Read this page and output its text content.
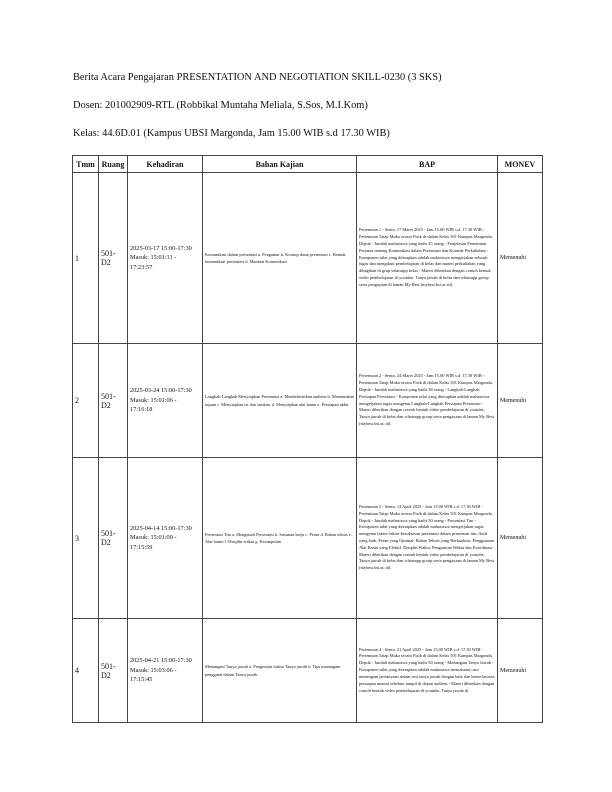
Berita Acara Pengajaran PRESENTATION AND NEGOTIATION SKILL-0230 (3 SKS)
Dosen: 201002909-RTL (Robbikal Muntaha Meliala, S.Sos, M.I.Kom)
Kelas: 44.6D.01 (Kampus UBSI Margonda, Jam 15.00 WIB s.d 17.30 WIB)
Tmm	Ruang	Kehadiran	Bahan Kajian	BAP	MONEV
1	501-D2	2025-03-17 15:00-17:30
Masuk: 15:01:11 - 17:23:57	Komunikasi dalam presentasi a. Pengantar b. Konsep dasar presentasi c. Bentuk komunikasi presentasi d. Manfaat Komunikasi	Pertemuan 1 - Senin, 17 Maret 2025 - Jam 15.00 WIB s.d. 17.30 WIB - Pertemuan Tatap Muka secara Fisik di dalam Kelas 501 Kampus Margonda, Depok - Jumlah mahasiswa yang hadir 45 orang - Penjelasan Pertemuan Pertama tentang Komunikasi dalam Presentasi dan Kontrak Perkuliahan - Komponen nilai yang diterapkan adalah mahasiswa mengerjakan seluruh tugas dan mengikuti pembelajaran di kelas dan materi perkuliahan yang dibagikan di grup whatsapp kelas - Materi diberikan dengan contoh bentuk video pembelajaran di youtube, Tanya jawab di kelas dan whatsapp group serta pengayaan di laman My Best (mybest.bsi.ac.id).	Memenuhi
2	501-D2	2025-03-24 15:00-17:30
Masuk: 15:01:06 - 17:16:18	Langkah-Langkah Menyiapkan Presentasi a. Mendefinisikan audiens b. Menentukan tujuan c. Menyiapkan isi dan struktur d. Menyiapkan alat bantu e. Persiapan akhir	Pertemuan 2 - Senin, 24 Maret 2025 - Jam 15.00 WIB s.d. 17.30 WIB - Pertemuan Tatap Muka secara Fisik di dalam Kelas 501 Kampus Margonda, Depok - Jumlah mahasiswa yang hadir 38 orang - Langkah-Langkah Persiapan Presentasi - Komponen nilai yang diterapkan adalah mahasiswa mengerjakan tugas mengenai Langkah-Langkah Persiapan Presentasi - Materi diberikan dengan contoh bentuk video pembelajaran di youtube, Tanya jawab di kelas dan whatsapp group serta pengayaan di laman My Best (mybest.bsi.ac.id).	Memenuhi
3	501-D2	2025-04-14 15:00-17:30
Masuk: 15:01:00 - 17:15:59	Presentasi Tim a. Mengenali Presentasi b. Susunan kerja c. Peran d. Bahan teknis e. Alat bantu f. Disiplin waktu g. Kesimpulan	Pertemuan 3 - Senin, 14 April 2025 - Jam 15.00 WIB s.d. 17.30 WIB - Pertemuan Tatap Muka secara Fisik di dalam Kelas 501 Kampus Margonda, Depok - Jumlah mahasiswa yang hadir 50 orang - Presentasi Tim - Komponen nilai yang diterapkan adalah mahasiswa mengerjakan tugas mengenai faktor-faktor kesuksesan presentasi dalam presentasi tim, Awal yang baik, Peran yang Optimal, Bahan Teknis yang Berkualitas, Penggunaan Alat Bantu yang Efektif, Disiplin Waktu, Pengaturan Waktu dan Koordinasi - Materi diberikan dengan contoh bentuk video pembelajaran di youtube, Tanya jawab di kelas dan whatsapp group serta pengayaan di laman My Best (mybest.bsi.ac.id).	Memenuhi
4	501-D2	2025-04-21 15:00-17:30
Masuk: 15:03:06 - 17:15:45	Menangani Tanya jawab a. Pengertian waktu Tanya jawab b. Tips menangani pengganti dalam Tanya jawab	Pertemuan 4 - Senin, 21 April 2025 - Jam 15.00 WIB s.d. 17.30 WIB - Pertemuan Tatap Muka secara Fisik di dalam Kelas 501 Kampus Margonda, Depok - Jumlah mahasiswa yang hadir 50 orang - Menangani Tanya Jawab - Komponen nilai yang diterapkan adalah mahasiswa memahami cara menangani pertanyaan dalam sesi tanya jawab dengan baik dan benar beserta persiapan mental sebelum tampil di depan audiens - Materi diberikan dengan contoh bentuk video pembelajaran di youtube, Tanya jawab di	Memenuhi
